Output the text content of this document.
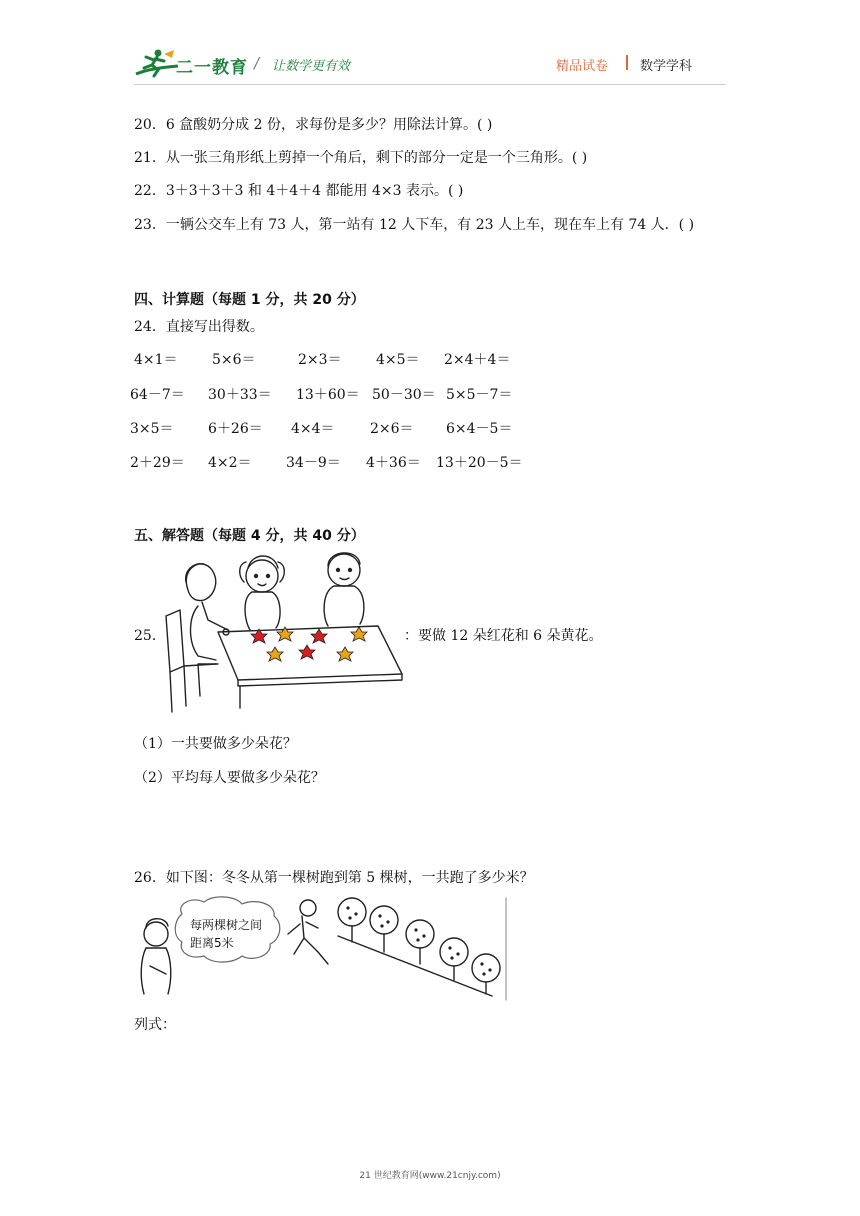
二一教育 / 让数学更有效	精品试卷 数学学科
20．6 盒酸奶分成 2 份，求每份是多少？用除法计算。( )
21．从一张三角形纸上剪掉一个角后，剩下的部分一定是一个三角形。( )
22．3＋3＋3＋3 和 4＋4＋4 都能用 4×3 表示。( )
23．一辆公交车上有 73 人，第一站有 12 人下车，有 23 人上车，现在车上有 74 人．( )
四、计算题（每题 1 分，共 20 分）
24．直接写出得数。
4×1＝ 5×6＝	2×3＝ 4×5＝ 2×4＋4＝
64－7＝ 30＋33＝ 13＋60＝ 50－30＝ 5×5－7＝
3×5＝ 6＋26＝ 4×4＝	2×6＝ 6×4－5＝
2＋29＝ 4×2＝ 34－9＝ 4＋36＝ 13＋20－5＝
五、解答题（每题 4 分，共 40 分）
25．	：要做 12 朵红花和 6 朵黄花。
（1）一共要做多少朵花？
（2）平均每人要做多少朵花？
26．如下图：冬冬从第一棵树跑到第 5 棵树，一共跑了多少米？
每两棵树之间
距离5米
列式：
21 世纪教育网(www.21cnjy.com)
